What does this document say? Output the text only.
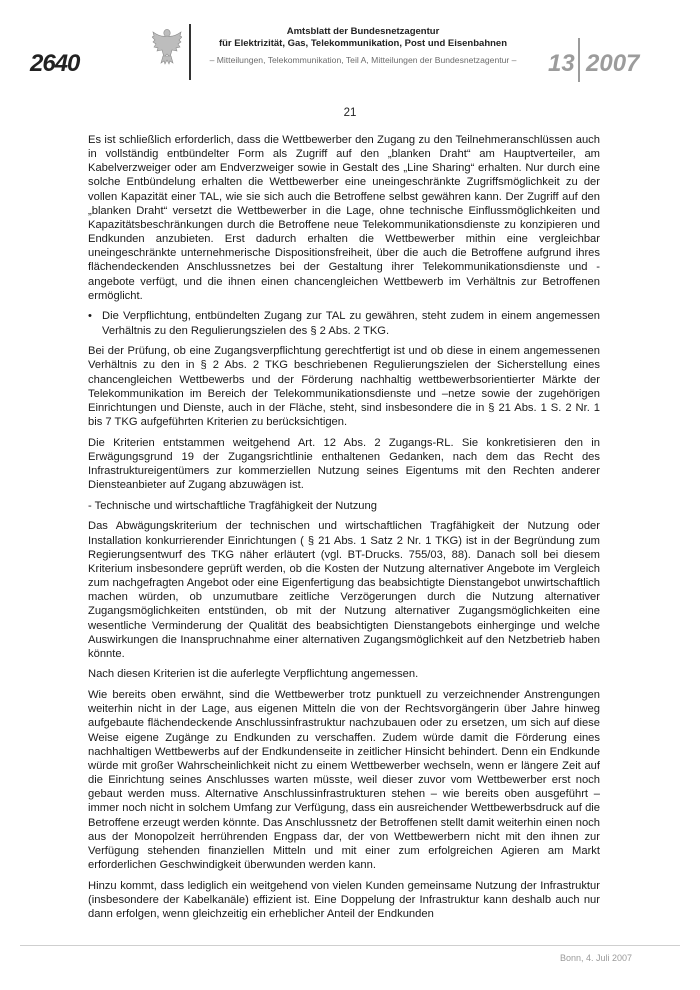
2640
Amtsblatt der Bundesnetzagentur
für Elektrizität, Gas, Telekommunikation, Post und Eisenbahnen
– Mitteilungen, Telekommunikation, Teil A, Mitteilungen der Bundesnetzagentur –	13 2007
21

Es ist schließlich erforderlich, dass die Wettbewerber den Zugang zu den Teilnehmeranschlüssen auch in vollständig entbündelter Form als Zugriff auf den „blanken Draht“ am Hauptverteiler, am Kabelverzweiger oder am Endverzweiger sowie in Gestalt des „Line Sharing“ erhalten. Nur durch eine solche Entbündelung erhalten die Wettbewerber eine uneingeschränkte Zugriffsmöglichkeit zu der vollen Kapazität einer TAL, wie sie sich auch die Betroffene selbst gewähren kann. Der Zugriff auf den „blanken Draht“ versetzt die Wettbewerber in die Lage, ohne technische Einflussmöglichkeiten und Kapazitätsbeschränkungen durch die Betroffene neue Telekommunikationsdienste zu konzipieren und Endkunden anzubieten. Erst dadurch erhalten die Wettbewerber mithin eine vergleichbar uneingeschränkte unternehmerische Dispositionsfreiheit, über die auch die Betroffene aufgrund ihres flächendeckenden Anschlussnetzes bei der Gestaltung ihrer Telekommunikationsdienste und -angebote verfügt, und die ihnen einen chancengleichen Wettbewerb im Verhältnis zur Betroffenen ermöglicht.

• Die Verpflichtung, entbündelten Zugang zur TAL zu gewähren, steht zudem in einem angemessen Verhältnis zu den Regulierungszielen des § 2 Abs. 2 TKG.

Bei der Prüfung, ob eine Zugangsverpflichtung gerechtfertigt ist und ob diese in einem angemessenen Verhältnis zu den in § 2 Abs. 2 TKG beschriebenen Regulierungszielen der Sicherstellung eines chancengleichen Wettbewerbs und der Förderung nachhaltig wettbewerbsorientierter Märkte der Telekommunikation im Bereich der Telekommunikationsdienste und –netze sowie der zugehörigen Einrichtungen und Dienste, auch in der Fläche, steht, sind insbesondere die in § 21 Abs. 1 S. 2 Nr. 1 bis 7 TKG aufgeführten Kriterien zu berücksichtigen.

Die Kriterien entstammen weitgehend Art. 12 Abs. 2 Zugangs-RL. Sie konkretisieren den in Erwägungsgrund 19 der Zugangsrichtlinie enthaltenen Gedanken, nach dem das Recht des Infrastruktureigentümers zur kommerziellen Nutzung seines Eigentums mit den Rechten anderer Diensteanbieter auf Zugang abzuwägen ist.

- Technische und wirtschaftliche Tragfähigkeit der Nutzung

Das Abwägungskriterium der technischen und wirtschaftlichen Tragfähigkeit der Nutzung oder Installation konkurrierender Einrichtungen ( § 21 Abs. 1 Satz 2 Nr. 1 TKG) ist in der Begründung zum Regierungsentwurf des TKG näher erläutert (vgl. BT-Drucks. 755/03, 88). Danach soll bei diesem Kriterium insbesondere geprüft werden, ob die Kosten der Nutzung alternativer Angebote im Vergleich zum nachgefragten Angebot oder eine Eigenfertigung das beabsichtigte Dienstangebot unwirtschaftlich machen würden, ob unzumutbare zeitliche Verzögerungen durch die Nutzung alternativer Zugangsmöglichkeiten entstünden, ob mit der Nutzung alternativer Zugangsmöglichkeiten eine wesentliche Verminderung der Qualität des beabsichtigten Dienstangebots einherginge und welche Auswirkungen die Inanspruchnahme einer alternativen Zugangsmöglichkeit auf den Netzbetrieb haben könnte.

Nach diesen Kriterien ist die auferlegte Verpflichtung angemessen.

Wie bereits oben erwähnt, sind die Wettbewerber trotz punktuell zu verzeichnender Anstrengungen weiterhin nicht in der Lage, aus eigenen Mitteln die von der Rechtsvorgängerin über Jahre hinweg aufgebaute flächendeckende Anschlussinfrastruktur nachzubauen oder zu ersetzen, um sich auf diese Weise eigene Zugänge zu Endkunden zu verschaffen. Zudem würde damit die Förderung eines nachhaltigen Wettbewerbs auf der Endkundenseite in zeitlicher Hinsicht behindert. Denn ein Endkunde würde mit großer Wahrscheinlichkeit nicht zu einem Wettbewerber wechseln, wenn er längere Zeit auf die Einrichtung seines Anschlusses warten müsste, weil dieser zuvor vom Wettbewerber erst noch gebaut werden muss. Alternative Anschlussinfrastrukturen stehen – wie bereits oben ausgeführt – immer noch nicht in solchem Umfang zur Verfügung, dass ein ausreichender Wettbewerbsdruck auf die Betroffene erzeugt werden könnte. Das Anschlussnetz der Betroffenen stellt damit weiterhin einen noch aus der Monopolzeit herrührenden Engpass dar, der von Wettbewerbern nicht mit den ihnen zur Verfügung stehenden finanziellen Mitteln und mit einer zum erfolgreichen Agieren am Markt erforderlichen Geschwindigkeit überwunden werden kann.

Hinzu kommt, dass lediglich ein weitgehend von vielen Kunden gemeinsame Nutzung der Infrastruktur (insbesondere der Kabelkanäle) effizient ist. Eine Doppelung der Infrastruktur kann deshalb auch nur dann erfolgen, wenn gleichzeitig ein erheblicher Anteil der Endkunden

Bonn, 4. Juli 2007
